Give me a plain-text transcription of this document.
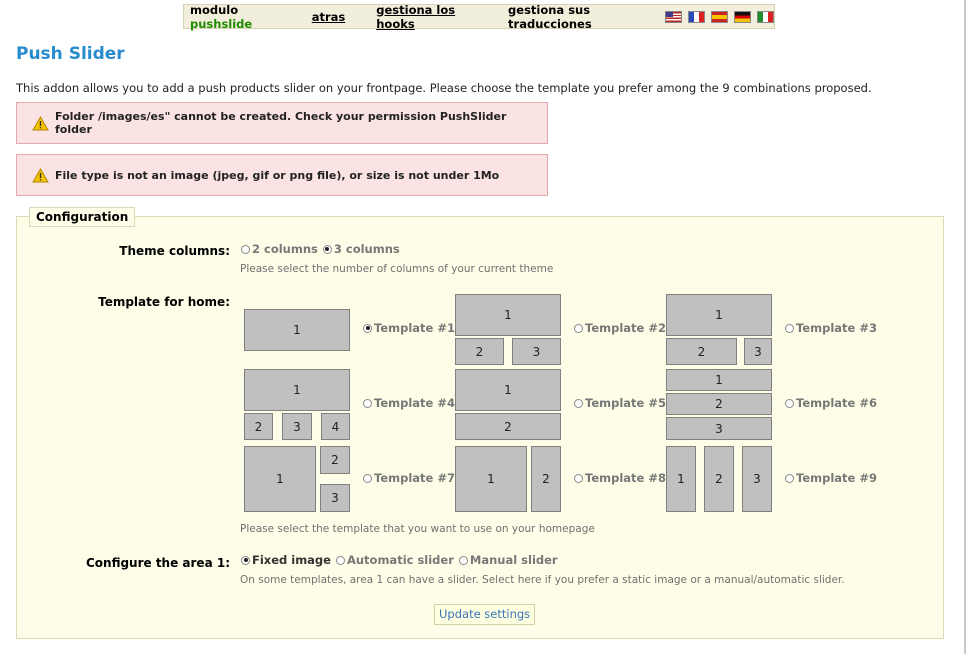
modulo pushslide	atras	gestiona los hooks
gestiona sus traducciones
Push Slider
This addon allows you to add a push products slider on your frontpage. Please choose the template you prefer among the 9 combinations proposed.
Folder /images/es" cannot be created. Check your permission PushSlider folder
File type is not an image (jpeg, gif or png file), or size is not under 1Mo
Configuration
Theme columns: 2 columns 3 columns
Please select the number of columns of your current theme
Template for home:
1	Template #1
1
2	3
Template #2
1
2	3
Template #3
1
2	3	4
Template #4
1
2
Template #5
1
2
3
Template #6
1
2
3
Template #7	1	2	Template #8 1	2	3	Template #9
Please select the template that you want to use on your homepage
Configure the area 1: Fixed image Automatic slider Manual slider
On some templates, area 1 can have a slider. Select here if you prefer a static image or a manual/automatic slider.
Update settings
